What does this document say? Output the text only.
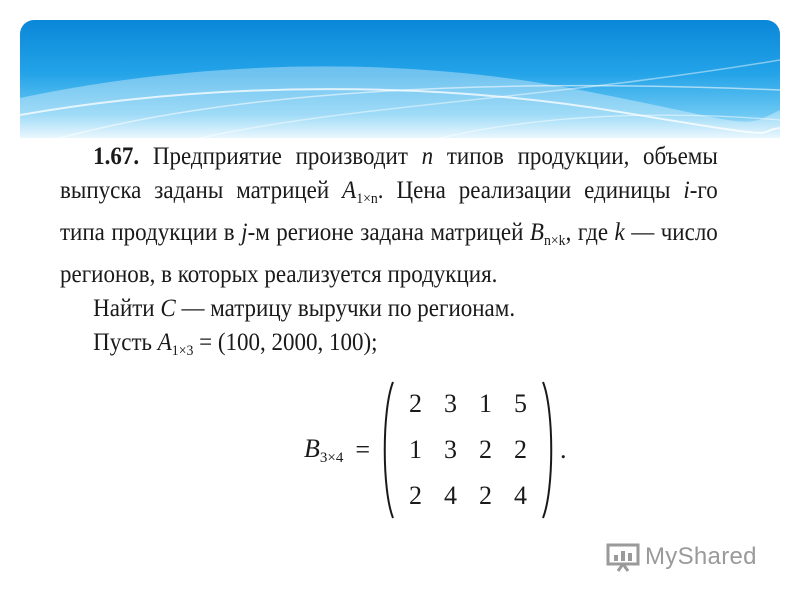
1.67. Предприятие производит n типов продукции, объемы выпуска заданы матрицей $A_{1\times n}$. Цена реализации единицы i-го типа продукции в j-м регионе задана матрицей $B_{n\times k}$, где k — число регионов, в которых реализуется продукция.

Найти C — матрицу выручки по регионам.

Пусть $A_{1\times 3} = (100$, 2000, 100);

$B_{3\times 4}$ =
2 3 1 5
1 3 2 2
2 4 2 4
.
MyShared
